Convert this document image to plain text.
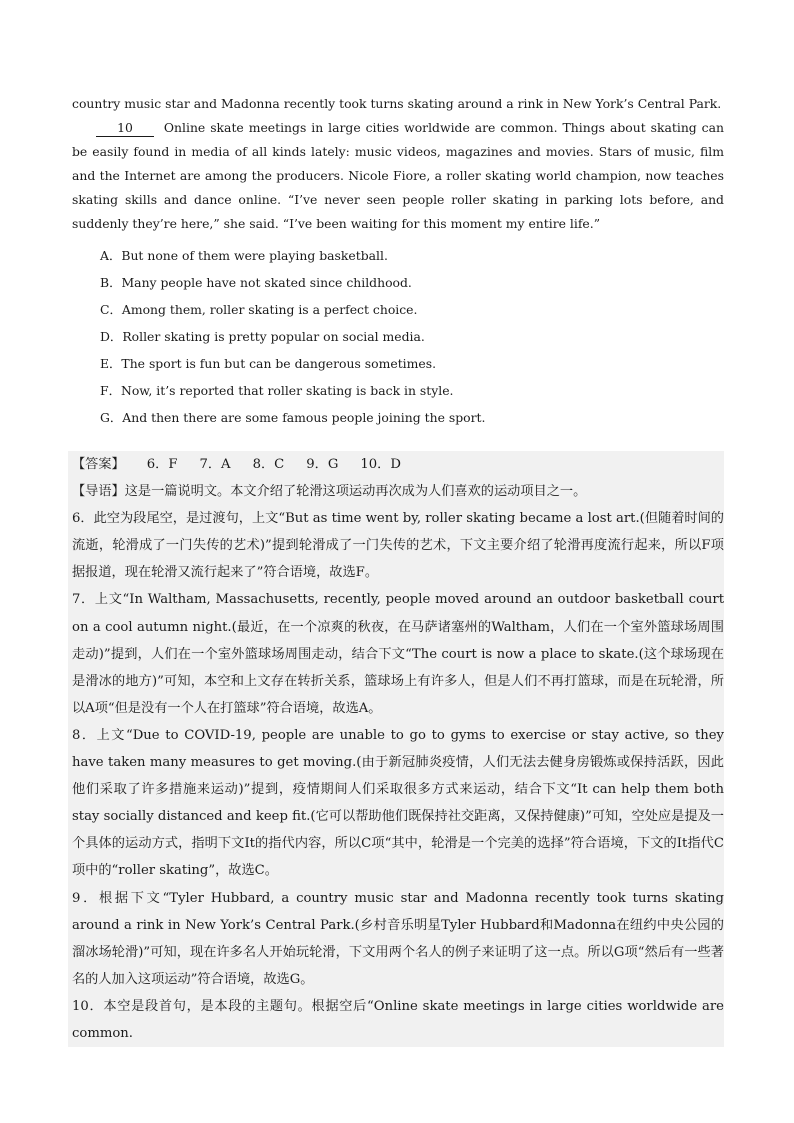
country music star and Madonna recently took turns skating around a rink in New York’s Central Park.

10 Online skate meetings in large cities worldwide are common. Things about skating can be easily found in media of all kinds lately: music videos, magazines and movies. Stars of music, film and the Internet are among the producers. Nicole Fiore, a roller skating world champion, now teaches skating skills and dance online. “I’ve never seen people roller skating in parking lots before, and suddenly they’re here,” she said. “I’ve been waiting for this moment my entire life.”

A．But none of them were playing basketball.

B．Many people have not skated since childhood.

C．Among them, roller skating is a perfect choice.

D．Roller skating is pretty popular on social media.

E．The sport is fun but can be dangerous sometimes.

F．Now, it’s reported that roller skating is back in style.

G．And then there are some famous people joining the sport.

【答案】 6．F 7．A 8．C 9．G 10．D

【导语】这是一篇说明文。本文介绍了轮滑这项运动再次成为人们喜欢的运动项目之一。

6．此空为段尾空，是过渡句，上文“But as time went by, roller skating became a lost art.(但随着时间的流逝，轮滑成了一门失传的艺术)”提到轮滑成了一门失传的艺术，下文主要介绍了轮滑再度流行起来，所以F项据报道，现在轮滑又流行起来了”符合语境，故选F。

7．上文“In Waltham, Massachusetts, recently, people moved around an outdoor basketball court on a cool autumn night.(最近，在一个凉爽的秋夜，在马萨诸塞州的Waltham，人们在一个室外篮球场周围走动)”提到，人们在一个室外篮球场周围走动，结合下文“The court is now a place to skate.(这个球场现在是滑冰的地方)”可知，本空和上文存在转折关系，篮球场上有许多人，但是人们不再打篮球，而是在玩轮滑，所以A项“但是没有一个人在打篮球”符合语境，故选A。

8．上文“Due to COVID-19, people are unable to go to gyms to exercise or stay active, so they have taken many measures to get moving.(由于新冠肺炎疫情，人们无法去健身房锻炼或保持活跃，因此他们采取了许多措施来运动)”提到，疫情期间人们采取很多方式来运动，结合下文“It can help them both stay socially distanced and keep fit.(它可以帮助他们既保持社交距离，又保持健康)”可知，空处应是提及一个具体的运动方式，指明下文It的指代内容，所以C项“其中，轮滑是一个完美的选择”符合语境，下文的It指代C项中的“roller skating”，故选C。

9．根据下文“Tyler Hubbard, a country music star and Madonna recently took turns skating around a rink in New York’s Central Park.(乡村音乐明星Tyler Hubbard和Madonna在纽约中央公园的溜冰场轮滑)”可知，现在许多名人开始玩轮滑，下文用两个名人的例子来证明了这一点。所以G项“然后有一些著名的人加入这项运动”符合语境，故选G。

10．本空是段首句，是本段的主题句。根据空后“Online skate meetings in large cities worldwide are common.
